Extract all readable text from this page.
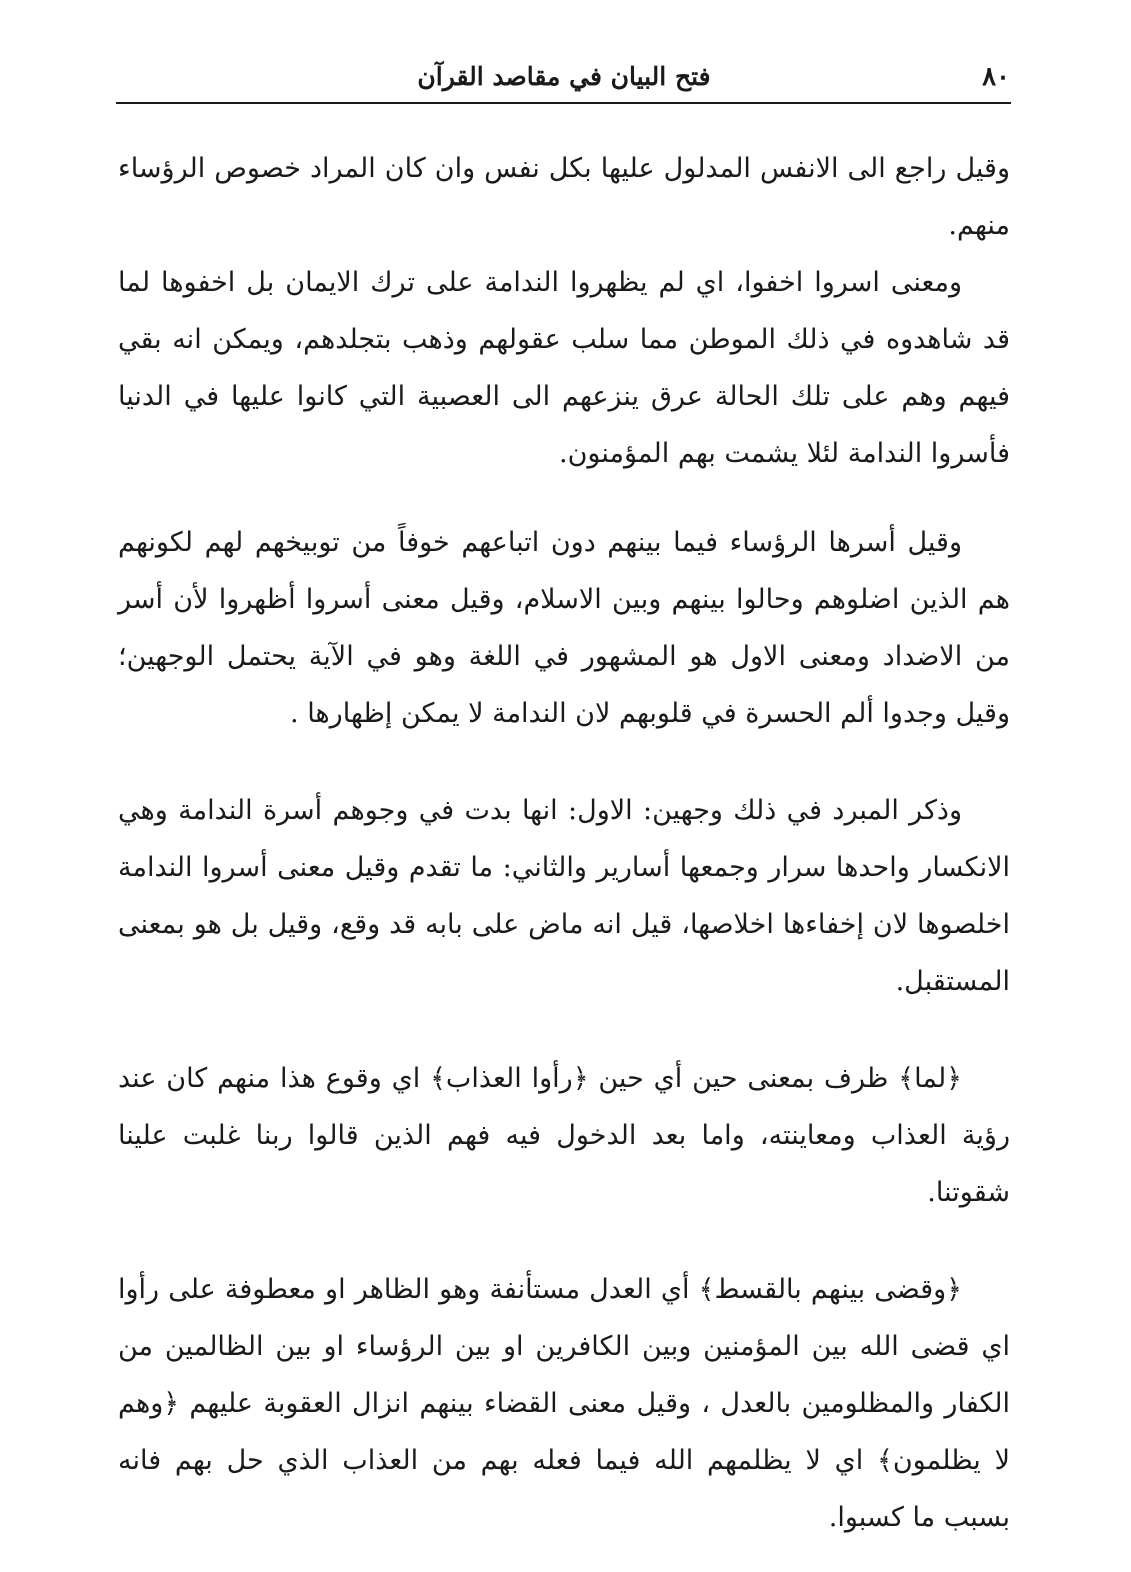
٨٠
فتح البيان في مقاصد القرآن

وقيل راجع الى الانفس المدلول عليها بكل نفس وان كان المراد خصوص الرؤساء منهم.

ومعنى اسروا اخفوا، اي لم يظهروا الندامة على ترك الايمان بل اخفوها لما قد شاهدوه في ذلك الموطن مما سلب عقولهم وذهب بتجلدهم، ويمكن انه بقي فيهم وهم على تلك الحالة عرق ينزعهم الى العصبية التي كانوا عليها في الدنيا فأسروا الندامة لئلا يشمت بهم المؤمنون.

وقيل أسرها الرؤساء فيما بينهم دون اتباعهم خوفاً من توبيخهم لهم لكونهم هم الذين اضلوهم وحالوا بينهم وبين الاسلام، وقيل معنى أسروا أظهروا لأن أسر من الاضداد ومعنى الاول هو المشهور في اللغة وهو في الآية يحتمل الوجهين؛ وقيل وجدوا ألم الحسرة في قلوبهم لان الندامة لا يمكن إظهارها .

وذكر المبرد في ذلك وجهين: الاول: انها بدت في وجوهم أسرة الندامة وهي الانكسار واحدها سرار وجمعها أسارير والثاني: ما تقدم وقيل معنى أسروا الندامة اخلصوها لان إخفاءها اخلاصها، قيل انه ماض على بابه قد وقع، وقيل بل هو بمعنى المستقبل.

﴿لما﴾ ظرف بمعنى حين أي حين ﴿رأوا العذاب﴾ اي وقوع هذا منهم كان عند رؤية العذاب ومعاينته، واما بعد الدخول فيه فهم الذين قالوا ربنا غلبت علينا شقوتنا.

﴿وقضى بينهم بالقسط﴾ أي العدل مستأنفة وهو الظاهر او معطوفة على رأوا اي قضى الله بين المؤمنين وبين الكافرين او بين الرؤساء او بين الظالمين من الكفار والمظلومين بالعدل ، وقيل معنى القضاء بينهم انزال العقوبة عليهم ﴿وهم لا يظلمون﴾ اي لا يظلمهم الله فيما فعله بهم من العذاب الذي حل بهم فانه بسبب ما كسبوا.
